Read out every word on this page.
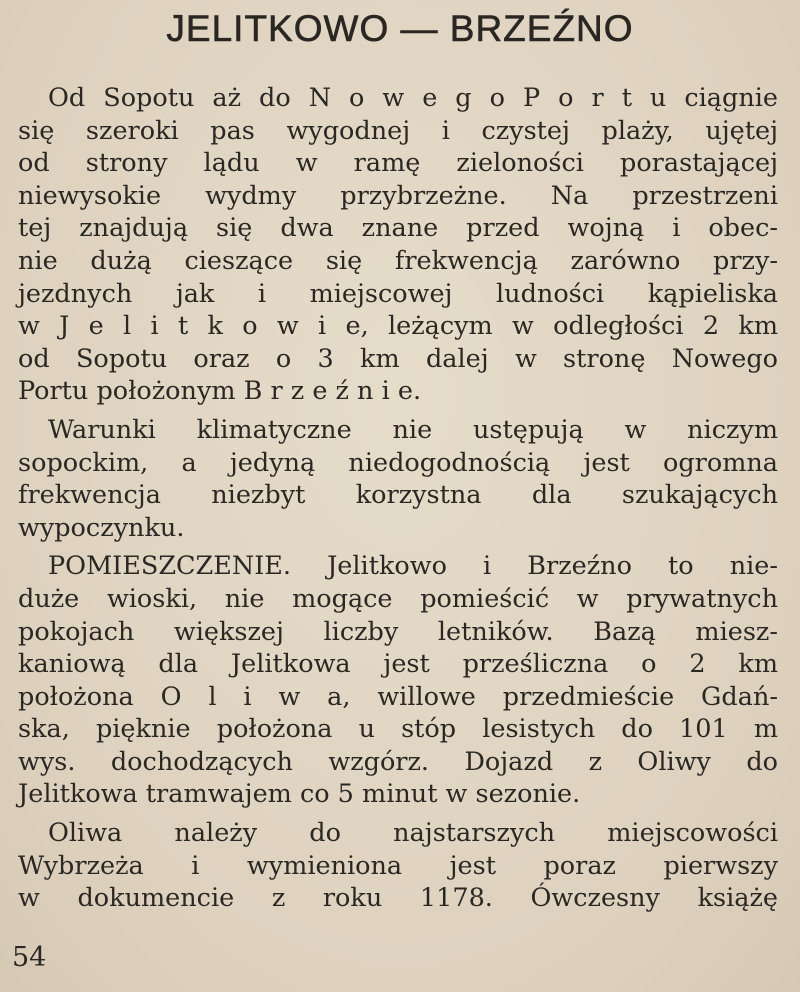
JELITKOWO — BRZEŹNO

Od Sopotu aż do N o w e g o P o r t u ciągnie
się szeroki pas wygodnej i czystej plaży, ujętej
od strony lądu w ramę zieloności porastającej
niewysokie wydmy przybrzeżne. Na przestrzeni
tej znajdują się dwa znane przed wojną i obec-
nie dużą cieszące się frekwencją zarówno przy-
jezdnych jak i miejscowej ludności kąpieliska
w J e l i t k o w i e, leżącym w odległości 2 km
od Sopotu oraz o 3 km dalej w stronę Nowego
Portu położonym B r z e ź n i e.

Warunki klimatyczne nie ustępują w niczym
sopockim, a jedyną niedogodnością jest ogromna
frekwencja niezbyt korzystna dla szukających
wypoczynku.

POMIESZCZENIE. Jelitkowo i Brzeźno to nie-
duże wioski, nie mogące pomieścić w prywatnych
pokojach większej liczby letników. Bazą miesz-
kaniową dla Jelitkowa jest prześliczna o 2 km
położona O l i w a, willowe przedmieście Gdań-
ska, pięknie położona u stóp lesistych do 101 m
wys. dochodzących wzgórz. Dojazd z Oliwy do
Jelitkowa tramwajem co 5 minut w sezonie.

Oliwa należy do najstarszych miejscowości
Wybrzeża i wymieniona jest poraz pierwszy
w dokumencie z roku 1178. Ówczesny książę

54
